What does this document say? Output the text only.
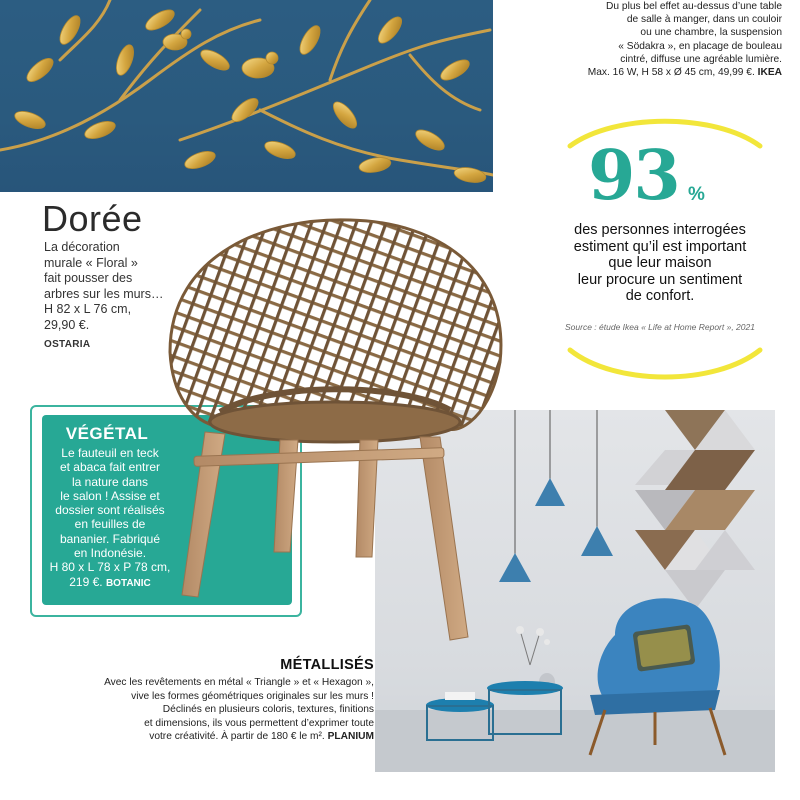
Du plus bel effet au-dessus d’une table
de salle à manger, dans un couloir
ou une chambre, la suspension
« Södakra », en placage de bouleau
cintré, diffuse une agréable lumière.
Max. 16 W, H 58 x Ø 45 cm, 49,99 €. IKEA
93 %
des personnes interrogées
estiment qu’il est important
que leur maison
leur procure un sentiment
de confort.
Source : étude Ikea « Life at Home Report », 2021
Dorée
La décoration
murale « Floral »
fait pousser des
arbres sur les murs…
H 82 x L 76 cm,
29,90 €.
OSTARIA
VÉGÉTAL
Le fauteuil en teck
et abaca fait entrer
la nature dans
le salon ! Assise et
dossier sont réalisés
en feuilles de
bananier. Fabriqué
en Indonésie.
H 80 x L 78 x P 78 cm,
219 €. BOTANIC
MÉTALLISÉS
Avec les revêtements en métal « Triangle » et « Hexagon »,
vive les formes géométriques originales sur les murs !
Déclinés en plusieurs coloris, textures, finitions
et dimensions, ils vous permettent d’exprimer toute
votre créativité. À partir de 180 € le m². PLANIUM
